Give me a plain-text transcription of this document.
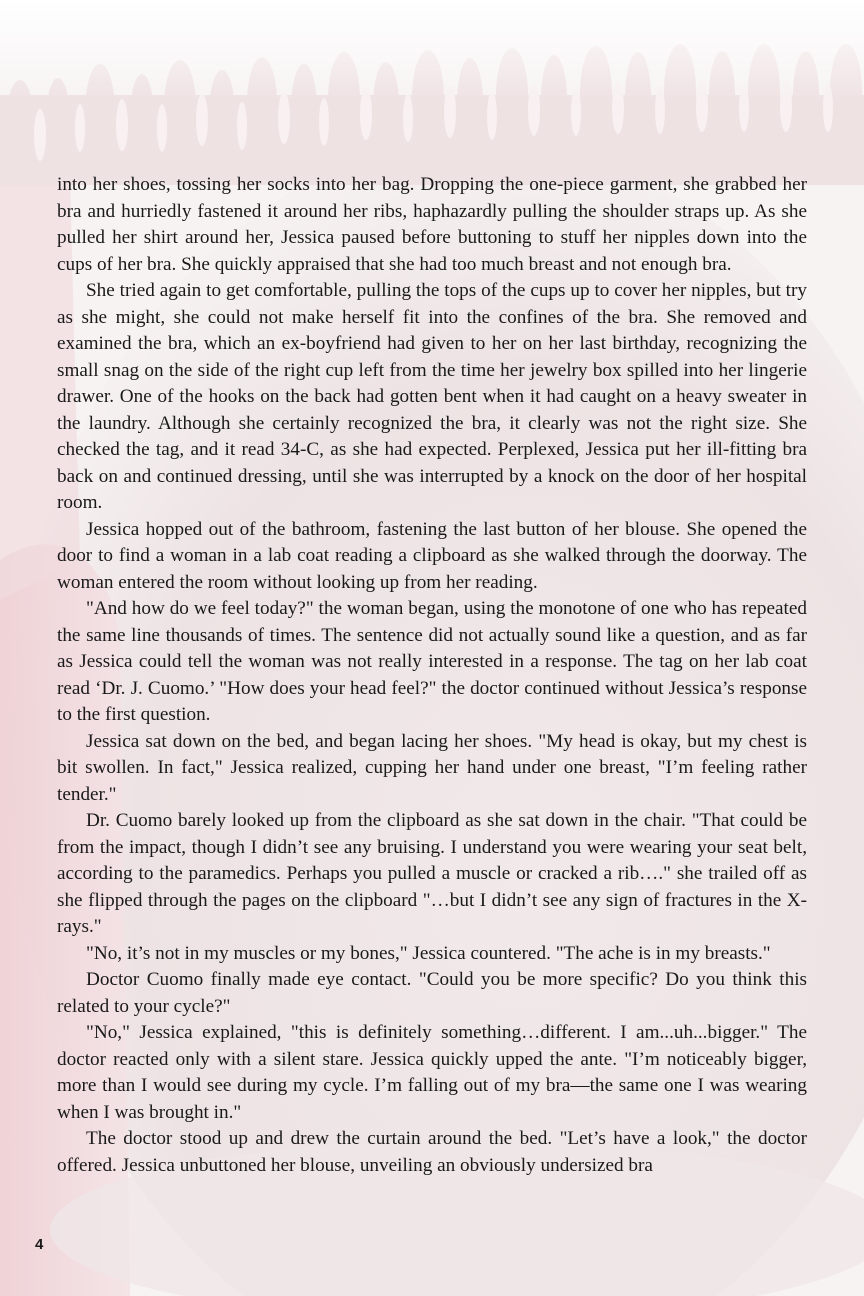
into her shoes, tossing her socks into her bag. Dropping the one-piece garment, she grabbed her bra and hurriedly fastened it around her ribs, haphazardly pulling the shoulder straps up. As she pulled her shirt around her, Jessica paused before buttoning to stuff her nipples down into the cups of her bra. She quickly appraised that she had too much breast and not enough bra.

She tried again to get comfortable, pulling the tops of the cups up to cover her nipples, but try as she might, she could not make herself fit into the confines of the bra. She removed and examined the bra, which an ex-boyfriend had given to her on her last birthday, recognizing the small snag on the side of the right cup left from the time her jewelry box spilled into her lingerie drawer. One of the hooks on the back had gotten bent when it had caught on a heavy sweater in the laundry. Although she certainly recognized the bra, it clearly was not the right size. She checked the tag, and it read 34-C, as she had expected. Perplexed, Jessica put her ill-fitting bra back on and continued dressing, until she was interrupted by a knock on the door of her hospital room.

Jessica hopped out of the bathroom, fastening the last button of her blouse. She opened the door to find a woman in a lab coat reading a clipboard as she walked through the doorway. The woman entered the room without looking up from her reading.

"And how do we feel today?" the woman began, using the monotone of one who has repeated the same line thousands of times. The sentence did not actually sound like a question, and as far as Jessica could tell the woman was not really interested in a response. The tag on her lab coat read ‘Dr. J. Cuomo.’ "How does your head feel?" the doctor continued without Jessica’s response to the first question.

Jessica sat down on the bed, and began lacing her shoes. "My head is okay, but my chest is bit swollen. In fact," Jessica realized, cupping her hand under one breast, "I’m feeling rather tender."

Dr. Cuomo barely looked up from the clipboard as she sat down in the chair. "That could be from the impact, though I didn’t see any bruising. I understand you were wearing your seat belt, according to the paramedics. Perhaps you pulled a muscle or cracked a rib…." she trailed off as she flipped through the pages on the clipboard "…but I didn’t see any sign of fractures in the X-rays."

"No, it’s not in my muscles or my bones," Jessica countered. "The ache is in my breasts."

Doctor Cuomo finally made eye contact. "Could you be more specific? Do you think this related to your cycle?"

"No," Jessica explained, "this is definitely something…different. I am...uh...bigger." The doctor reacted only with a silent stare. Jessica quickly upped the ante. "I’m noticeably bigger, more than I would see during my cycle. I’m falling out of my bra—the same one I was wearing when I was brought in."

The doctor stood up and drew the curtain around the bed. "Let’s have a look," the doctor offered. Jessica unbuttoned her blouse, unveiling an obviously undersized bra

4
